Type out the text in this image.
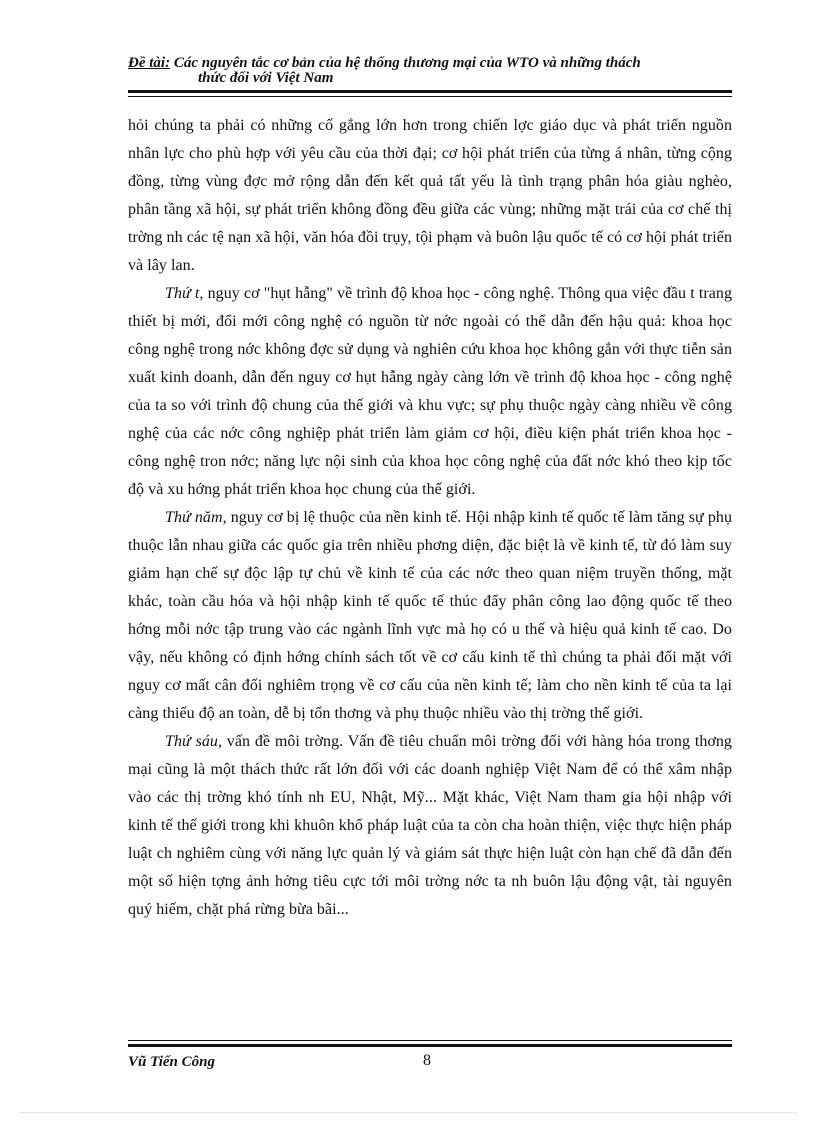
Đề tài: Các nguyên tắc cơ bản của hệ thống thương mại của WTO và những thách
thức đối với Việt Nam

hỏi chúng ta phải có những cố gắng lớn hơn trong chiến lợc giáo dục và phát triển nguồn nhân lực cho phù hợp với yêu cầu của thời đại; cơ hội phát triển của từng á nhân, từng cộng đồng, từng vùng đợc mở rộng dẫn đến kết quả tất yếu là tình trạng phân hóa giàu nghèo, phân tầng xã hội, sự phát triển không đồng đều giữa các vùng; những mặt trái của cơ chế thị trờng nh các tệ nạn xã hội, văn hóa đồi trụy, tội phạm và buôn lậu quốc tế có cơ hội phát triển và lây lan.

Thứ t, nguy cơ "hụt hẫng" về trình độ khoa học - công nghệ. Thông qua việc đầu t trang thiết bị mới, đổi mới công nghệ có nguồn từ nớc ngoài có thể dẫn đến hậu quả: khoa học công nghệ trong nớc không đợc sử dụng và nghiên cứu khoa học không gắn với thực tiễn sản xuất kinh doanh, dẫn đến nguy cơ hụt hẫng ngày càng lớn về trình độ khoa học - công nghệ của ta so với trình độ chung của thế giới và khu vực; sự phụ thuộc ngày càng nhiều về công nghệ của các nớc công nghiệp phát triển làm giảm cơ hội, điều kiện phát triển khoa học - công nghệ tron nớc; năng lực nội sinh của khoa học công nghệ của đất nớc khó theo kịp tốc độ và xu hớng phát triển khoa học chung của thế giới.

Thứ năm, nguy cơ bị lệ thuộc của nền kinh tế. Hội nhập kinh tế quốc tế làm tăng sự phụ thuộc lẫn nhau giữa các quốc gia trên nhiều phơng diện, đặc biệt là về kinh tế, từ đó làm suy giảm hạn chế sự độc lập tự chủ về kinh tế của các nớc theo quan niệm truyền thống, mặt khác, toàn cầu hóa và hội nhập kinh tế quốc tế thúc đẩy phân công lao động quốc tế theo hớng mỗi nớc tập trung vào các ngành lĩnh vực mà họ có u thế và hiệu quả kinh tế cao. Do vậy, nếu không có định hớng chính sách tốt về cơ cấu kinh tế thì chúng ta phải đối mặt với nguy cơ mất cân đối nghiêm trọng về cơ cấu của nền kinh tế; làm cho nền kinh tế của ta lại càng thiếu độ an toàn, dễ bị tổn thơng và phụ thuộc nhiều vào thị trờng thế giới.

Thứ sáu, vấn đề môi trờng. Vấn đề tiêu chuẩn môi trờng đối với hàng hóa trong thơng mại cũng là một thách thức rất lớn đối với các doanh nghiệp Việt Nam để có thể xâm nhập vào các thị trờng khó tính nh EU, Nhật, Mỹ... Mặt khác, Việt Nam tham gia hội nhập với kinh tế thế giới trong khi khuôn khổ pháp luật của ta còn cha hoàn thiện, việc thực hiện pháp luật ch nghiêm cùng với năng lực quản lý và giám sát thực hiện luật còn hạn chế đã dẫn đến một số hiện tợng ảnh hởng tiêu cực tới môi trờng nớc ta nh buôn lậu động vật, tài nguyên quý hiếm, chặt phá rừng bừa bãi...

Vũ Tiến Công	8
